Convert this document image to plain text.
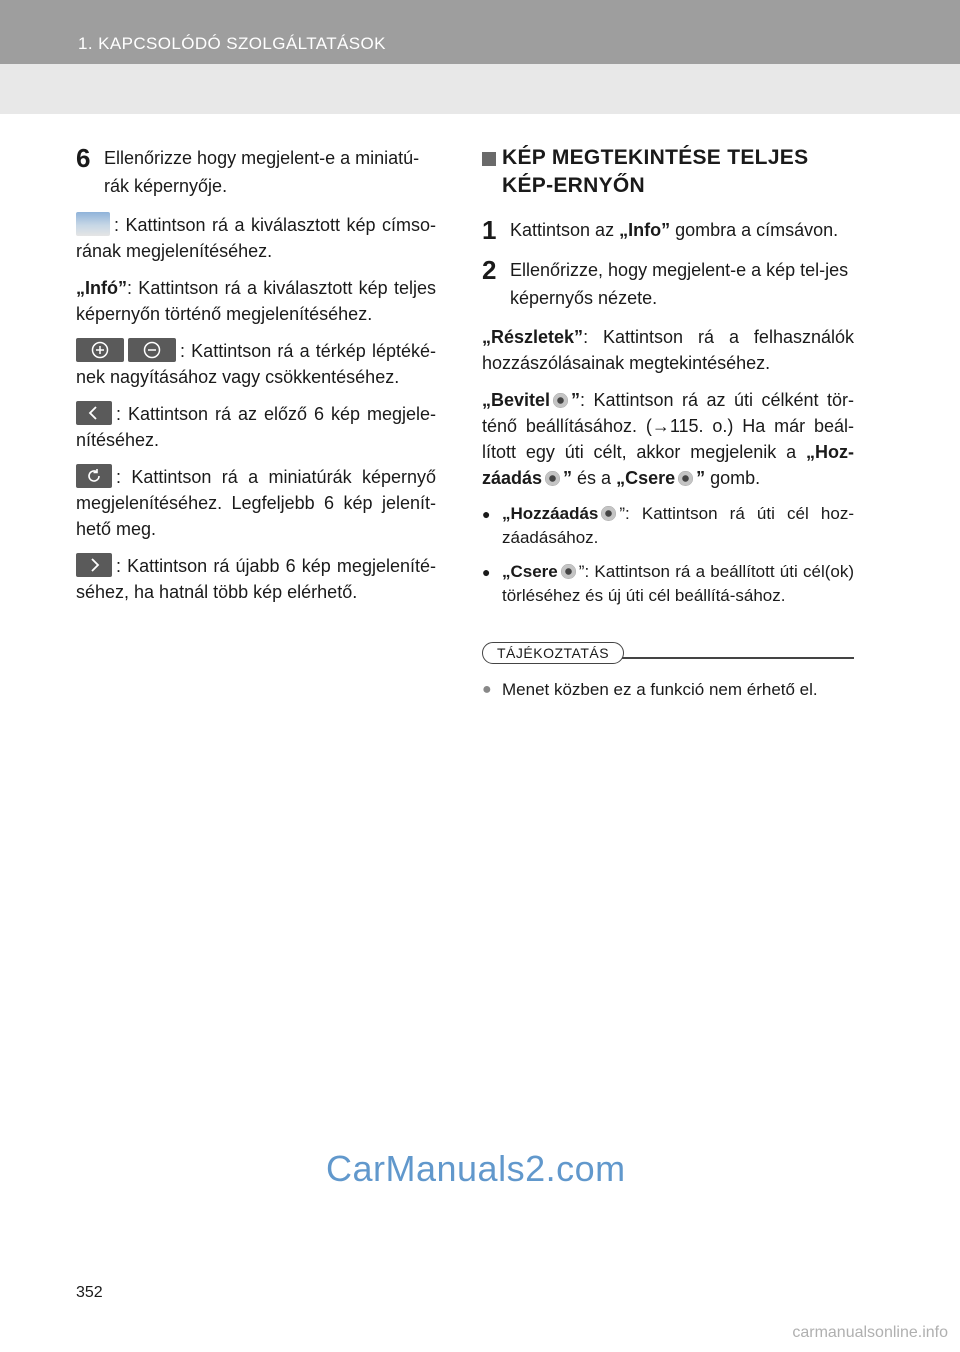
1. KAPCSOLÓDÓ SZOLGÁLTATÁSOK
6 Ellenőrizze hogy megjelent-e a miniatú-rák képernyője.

: Kattintson rá a kiválasztott kép címso-rának megjelenítéséhez.

„Infó”: Kattintson rá a kiválasztott kép teljes képernyőn történő megjelenítéséhez.

: Kattintson rá a térkép léptéké-nek nagyításához vagy csökkentéséhez.

: Kattintson rá az előző 6 kép megjele-nítéséhez.

: Kattintson rá a miniatúrák képernyő megjelenítéséhez. Legfeljebb 6 kép jelenít-hető meg.

: Kattintson rá újabb 6 kép megjeleníté-séhez, ha hatnál több kép elérhető.

KÉP MEGTEKINTÉSE TELJES KÉP-ERNYŐN
1 Kattintson az „Info” gombra a címsávon.
2 Ellenőrizze, hogy megjelent-e a kép tel-jes képernyős nézete.

„Részletek”: Kattintson rá a felhasználók hozzászólásainak megtekintéséhez.

„Bevitel ”: Kattintson rá az úti célként tör-ténő beállításához. (→115. o.) Ha már beál-lított egy úti célt, akkor megjelenik a „Hoz-záadás ” és a „Csere ” gomb.

● „Hozzáadás ”: Kattintson rá úti cél hoz-záadásához.
● „Csere ”: Kattintson rá a beállított úti cél(ok) törléséhez és új úti cél beállítá-sához.
TÁJÉKOZTATÁS
● Menet közben ez a funkció nem érhető el.
CarManuals2.com
352
carmanualsonline.info
